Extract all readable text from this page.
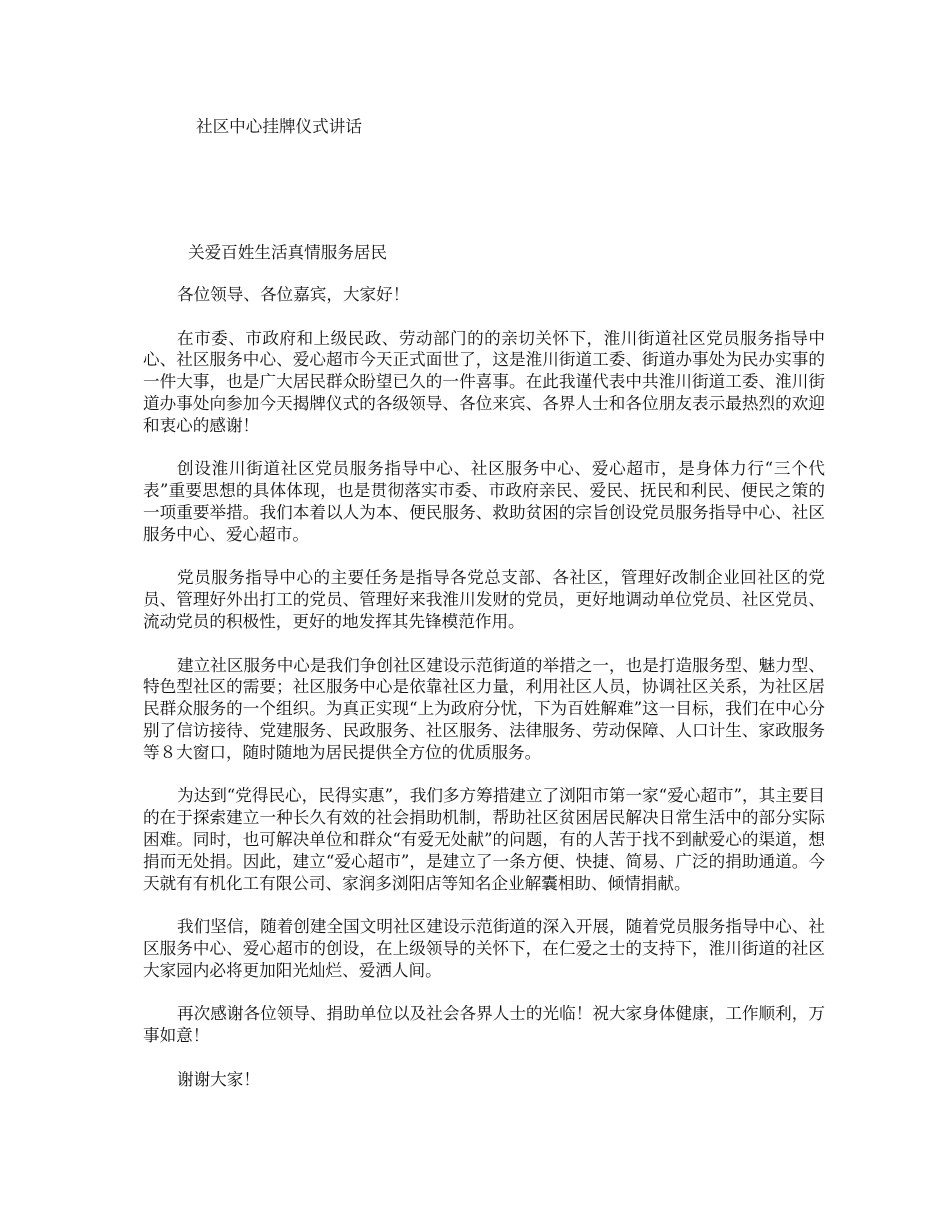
社区中心挂牌仪式讲话
关爱百姓生活真情服务居民

各位领导、各位嘉宾，大家好！

在市委、市政府和上级民政、劳动部门的的亲切关怀下，淮川街道社区党员服务指导中心、社区服务中心、爱心超市今天正式面世了，这是淮川街道工委、街道办事处为民办实事的一件大事，也是广大居民群众盼望已久的一件喜事。在此我谨代表中共淮川街道工委、淮川街道办事处向参加今天揭牌仪式的各级领导、各位来宾、各界人士和各位朋友表示最热烈的欢迎和衷心的感谢！

创设淮川街道社区党员服务指导中心、社区服务中心、爱心超市，是身体力行“三个代表”重要思想的具体体现，也是贯彻落实市委、市政府亲民、爱民、抚民和利民、便民之策的一项重要举措。我们本着以人为本、便民服务、救助贫困的宗旨创设党员服务指导中心、社区服务中心、爱心超市。

党员服务指导中心的主要任务是指导各党总支部、各社区，管理好改制企业回社区的党员、管理好外出打工的党员、管理好来我淮川发财的党员，更好地调动单位党员、社区党员、流动党员的积极性，更好的地发挥其先锋模范作用。

建立社区服务中心是我们争创社区建设示范街道的举措之一，也是打造服务型、魅力型、特色型社区的需要；社区服务中心是依靠社区力量，利用社区人员，协调社区关系，为社区居民群众服务的一个组织。为真正实现“上为政府分忧，下为百姓解难”这一目标，我们在中心分别了信访接待、党建服务、民政服务、社区服务、法律服务、劳动保障、人口计生、家政服务等８大窗口，随时随地为居民提供全方位的优质服务。

为达到“党得民心，民得实惠”，我们多方筹措建立了浏阳市第一家“爱心超市”，其主要目的在于探索建立一种长久有效的社会捐助机制，帮助社区贫困居民解决日常生活中的部分实际困难。同时，也可解决单位和群众“有爱无处献”的问题，有的人苦于找不到献爱心的渠道，想捐而无处捐。因此，建立“爱心超市”，是建立了一条方便、快捷、简易、广泛的捐助通道。今天就有有机化工有限公司、家润多浏阳店等知名企业解囊相助、倾情捐献。

我们坚信，随着创建全国文明社区建设示范街道的深入开展，随着党员服务指导中心、社区服务中心、爱心超市的创设，在上级领导的关怀下，在仁爱之士的支持下，淮川街道的社区大家园内必将更加阳光灿烂、爱洒人间。

再次感谢各位领导、捐助单位以及社会各界人士的光临！祝大家身体健康，工作顺利，万事如意！

谢谢大家！
